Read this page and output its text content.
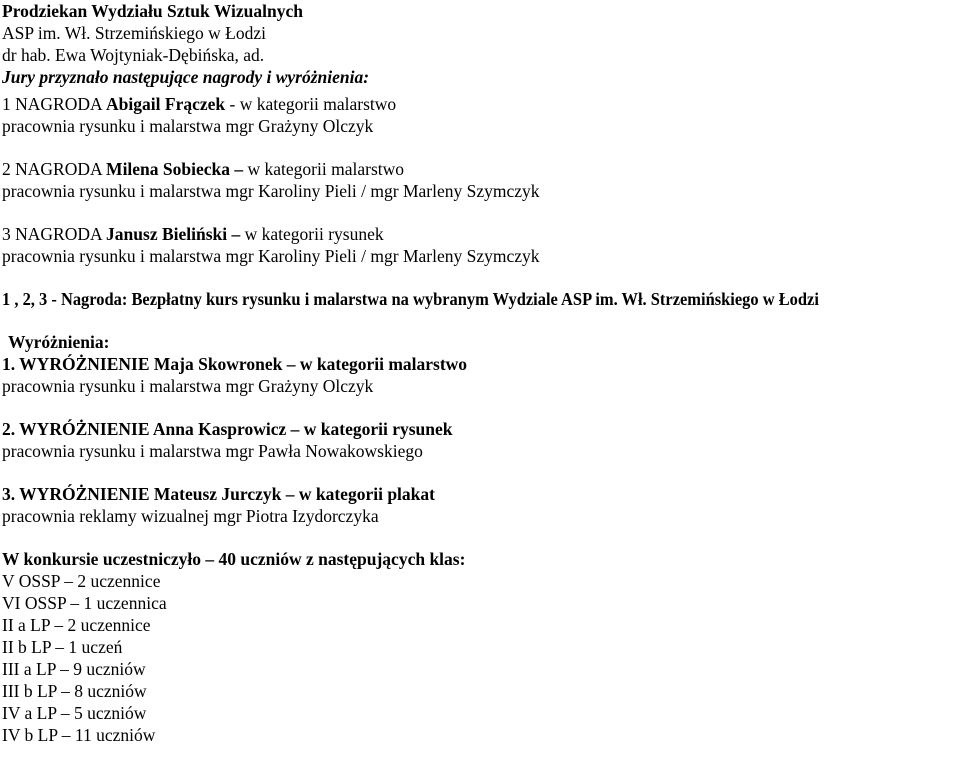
Prodziekan Wydziału Sztuk Wizualnych
ASP im. Wł. Strzemińskiego w Łodzi
dr hab. Ewa Wojtyniak-Dębińska, ad.
Jury przyznało następujące nagrody i wyróżnienia:
1 NAGRODA Abigail Frączek - w kategorii malarstwo
pracownia rysunku i malarstwa mgr Grażyny Olczyk
2 NAGRODA Milena Sobiecka – w kategorii malarstwo
pracownia rysunku i malarstwa mgr Karoliny Pieli / mgr Marleny Szymczyk
3 NAGRODA Janusz Bieliński – w kategorii rysunek
pracownia rysunku i malarstwa mgr Karoliny Pieli / mgr Marleny Szymczyk
1 , 2, 3 - Nagroda: Bezpłatny kurs rysunku i malarstwa na wybranym Wydziale ASP im. Wł. Strzemińskiego w Łodzi
Wyróżnienia:
1. WYRÓŻNIENIE Maja Skowronek – w kategorii malarstwo
pracownia rysunku i malarstwa mgr Grażyny Olczyk
2. WYRÓŻNIENIE Anna Kasprowicz – w kategorii rysunek
pracownia rysunku i malarstwa mgr Pawła Nowakowskiego
3. WYRÓŻNIENIE Mateusz Jurczyk – w kategorii plakat
pracownia reklamy wizualnej mgr Piotra Izydorczyka
W konkursie uczestniczyło – 40 uczniów z następujących klas:
V OSSP – 2 uczennice
VI OSSP – 1 uczennica
II a LP – 2 uczennice
II b LP – 1 uczeń
III a LP – 9 uczniów
III b LP – 8 uczniów
IV a LP – 5 uczniów
IV b LP – 11 uczniów
